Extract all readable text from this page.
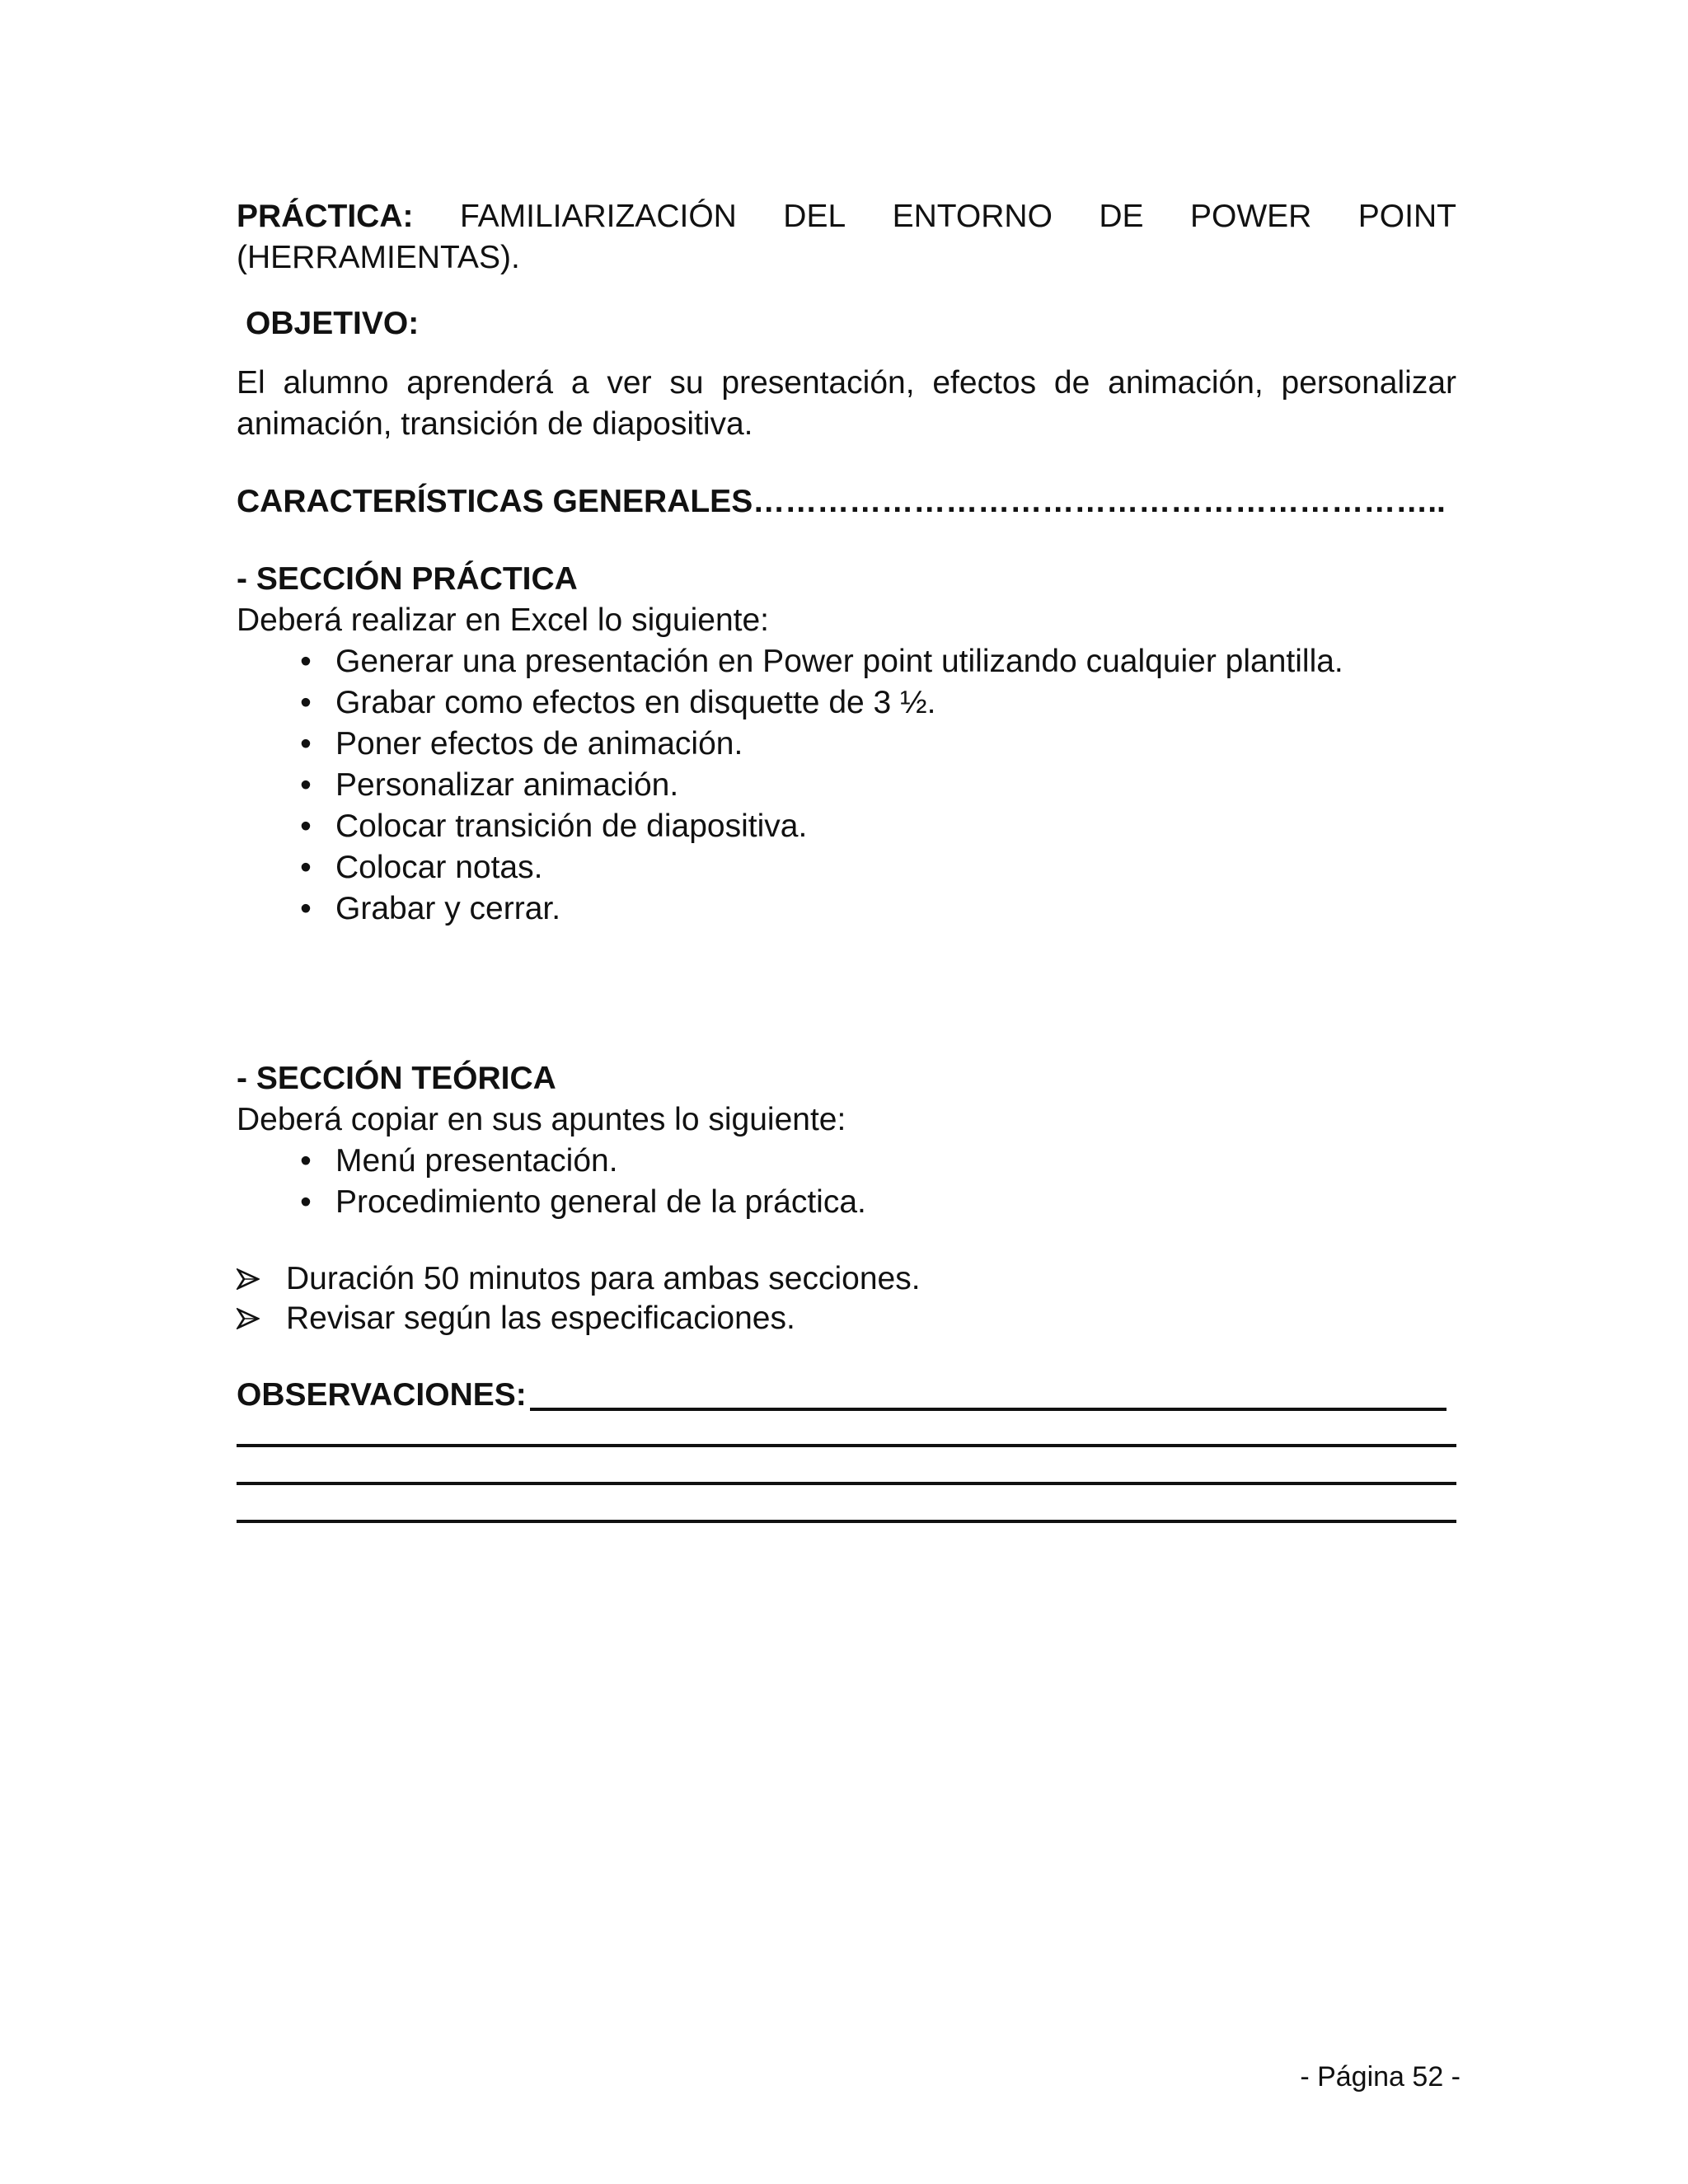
PRÁCTICA: FAMILIARIZACIÓN DEL ENTORNO DE POWER POINT
(HERRAMIENTAS).
OBJETIVO:
El alumno aprenderá a ver su presentación, efectos de animación, personalizar animación, transición de diapositiva.
CARACTERÍSTICAS GENERALES………………………………………………………..
- SECCIÓN PRÁCTICA
Deberá realizar en Excel lo siguiente:
• Generar una presentación en Power point utilizando cualquier plantilla.
• Grabar como efectos en disquette de 3 ½.
• Poner efectos de animación.
• Personalizar animación.
• Colocar transición de diapositiva.
• Colocar notas.
• Grabar y cerrar.
- SECCIÓN TEÓRICA
Deberá copiar en sus apuntes lo siguiente:
• Menú presentación.
• Procedimiento general de la práctica.
Duración 50 minutos para ambas secciones.
Revisar según las especificaciones.
OBSERVACIONES:
- Página 52 -
